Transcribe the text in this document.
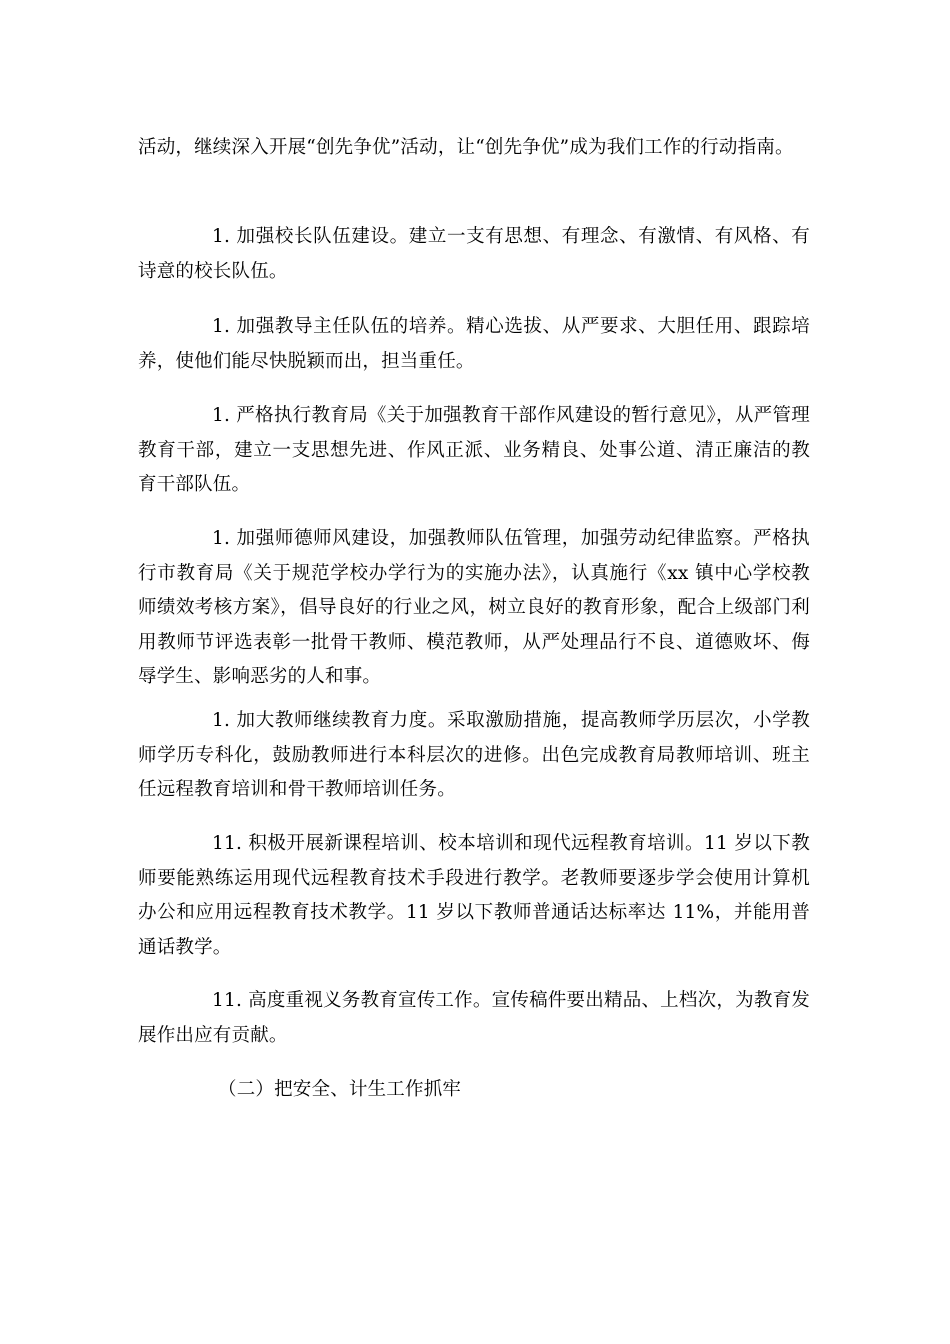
活动，继续深入开展“创先争优”活动，让“创先争优”成为我们工作的行动指南。

1. 加强校长队伍建设。建立一支有思想、有理念、有激情、有风格、有诗意的校长队伍。

1. 加强教导主任队伍的培养。精心选拔、从严要求、大胆任用、跟踪培养，使他们能尽快脱颖而出，担当重任。

1. 严格执行教育局《关于加强教育干部作风建设的暂行意见》，从严管理教育干部，建立一支思想先进、作风正派、业务精良、处事公道、清正廉洁的教育干部队伍。

1. 加强师德师风建设，加强教师队伍管理，加强劳动纪律监察。严格执行市教育局《关于规范学校办学行为的实施办法》，认真施行《xx 镇中心学校教师绩效考核方案》，倡导良好的行业之风，树立良好的教育形象，配合上级部门利用教师节评选表彰一批骨干教师、模范教师，从严处理品行不良、道德败坏、侮辱学生、影响恶劣的人和事。

1. 加大教师继续教育力度。采取激励措施，提高教师学历层次，小学教师学历专科化，鼓励教师进行本科层次的进修。出色完成教育局教师培训、班主任远程教育培训和骨干教师培训任务。

11. 积极开展新课程培训、校本培训和现代远程教育培训。11 岁以下教师要能熟练运用现代远程教育技术手段进行教学。老教师要逐步学会使用计算机办公和应用远程教育技术教学。11 岁以下教师普通话达标率达 11%，并能用普通话教学。

11. 高度重视义务教育宣传工作。宣传稿件要出精品、上档次，为教育发展作出应有贡献。

（二）把安全、计生工作抓牢
